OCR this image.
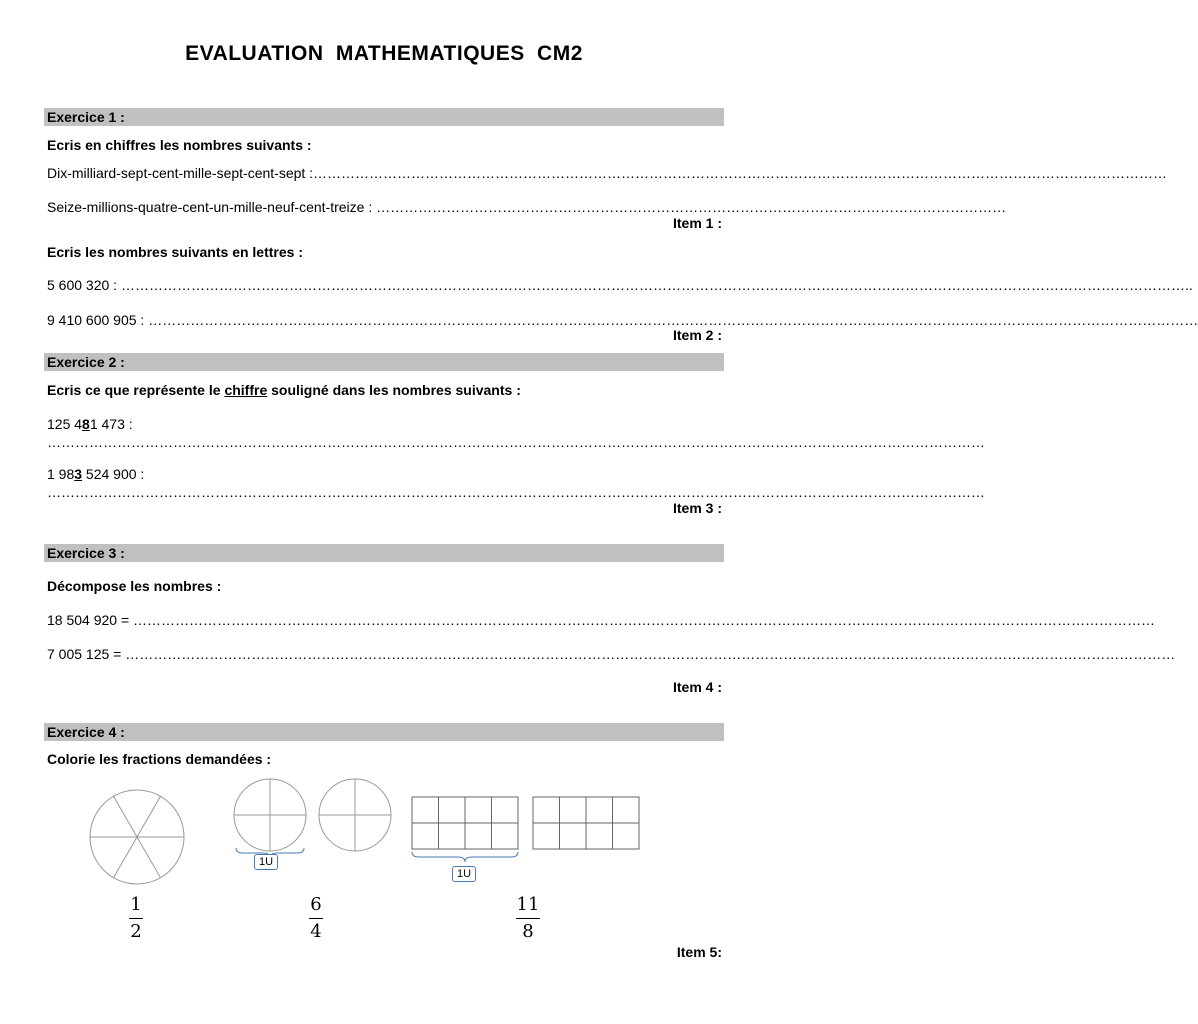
EVALUATION MATHEMATIQUES CM2
Exercice 1 :
Ecris en chiffres les nombres suivants :
Dix-milliard-sept-cent-mille-sept-cent-sept :…………………………………………………………………………………………………………………………………………………………………
Seize-millions-quatre-cent-un-mille-neuf-cent-treize : ………………………………………………………………………………………………………………………
Item 1 :
Ecris les nombres suivants en lettres :
5 600 320 : …………………………………………………………………………………………………………………………………………………………………………………………………………..
9 410 600 905 : ………………………………………………………………………………………………………………………………………………………………………………………………………
Item 2 :
Exercice 2 :
Ecris ce que représente le chiffre souligné dans les nombres suivants :
125 481 473 :
…………………………………………………………………………………………………………………………………………………………………………………
1 983 524 900 :
…………………………………………………………………………………………………………………………………………………………………………………
Item 3 :
Exercice 3 :
Décompose les nombres :
18 504 920 = …………………………………………………………………………………………………………………………………………………………………………………………………
7 005 125 = ………………………………………………………………………………………………………………………………………………………………………………………………………
Item 4 :
Exercice 4 :
Colorie les fractions demandées :
1U
1U
1
2
6
4
11
8
Item 5:
